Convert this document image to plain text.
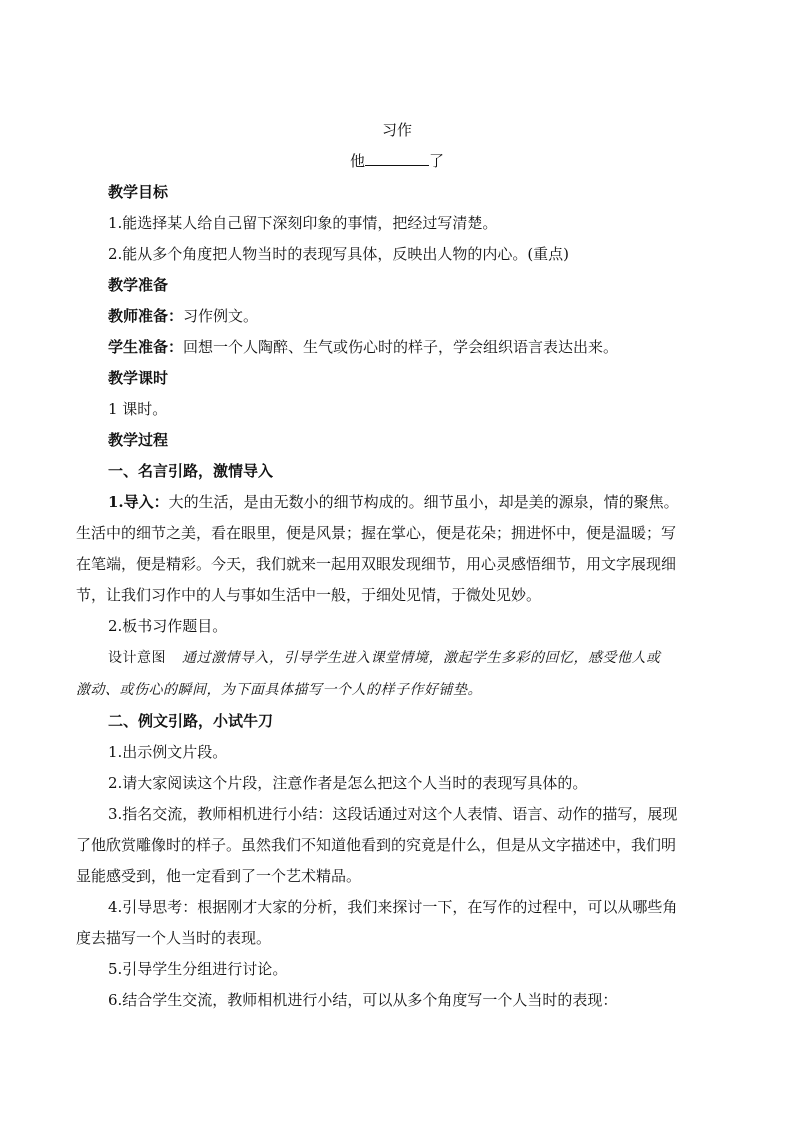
习作
他	了
教学目标
1.能选择某人给自己留下深刻印象的事情，把经过写清楚。
2.能从多个角度把人物当时的表现写具体，反映出人物的内心。(重点)
教学准备
教师准备：习作例文。
学生准备：回想一个人陶醉、生气或伤心时的样子，学会组织语言表达出来。
教学课时
1 课时。
教学过程
一、名言引路，激情导入
1.导入：大的生活，是由无数小的细节构成的。细节虽小，却是美的源泉，情的聚焦。
生活中的细节之美，看在眼里，便是风景；握在掌心，便是花朵；拥进怀中，便是温暖；写
在笔端，便是精彩。今天，我们就来一起用双眼发现细节，用心灵感悟细节，用文字展现细
节，让我们习作中的人与事如生活中一般，于细处见情，于微处见妙。
2.板书习作题目。
设计意图 通过激情导入，引导学生进入课堂情境，激起学生多彩的回忆，感受他人或
激动、或伤心的瞬间，为下面具体描写一个人的样子作好铺垫。
二、例文引路，小试牛刀
1.出示例文片段。
2.请大家阅读这个片段，注意作者是怎么把这个人当时的表现写具体的。
3.指名交流，教师相机进行小结：这段话通过对这个人表情、语言、动作的描写，展现
了他欣赏雕像时的样子。虽然我们不知道他看到的究竟是什么，但是从文字描述中，我们明
显能感受到，他一定看到了一个艺术精品。
4.引导思考：根据刚才大家的分析，我们来探讨一下，在写作的过程中，可以从哪些角
度去描写一个人当时的表现。
5.引导学生分组进行讨论。
6.结合学生交流，教师相机进行小结，可以从多个角度写一个人当时的表现：
